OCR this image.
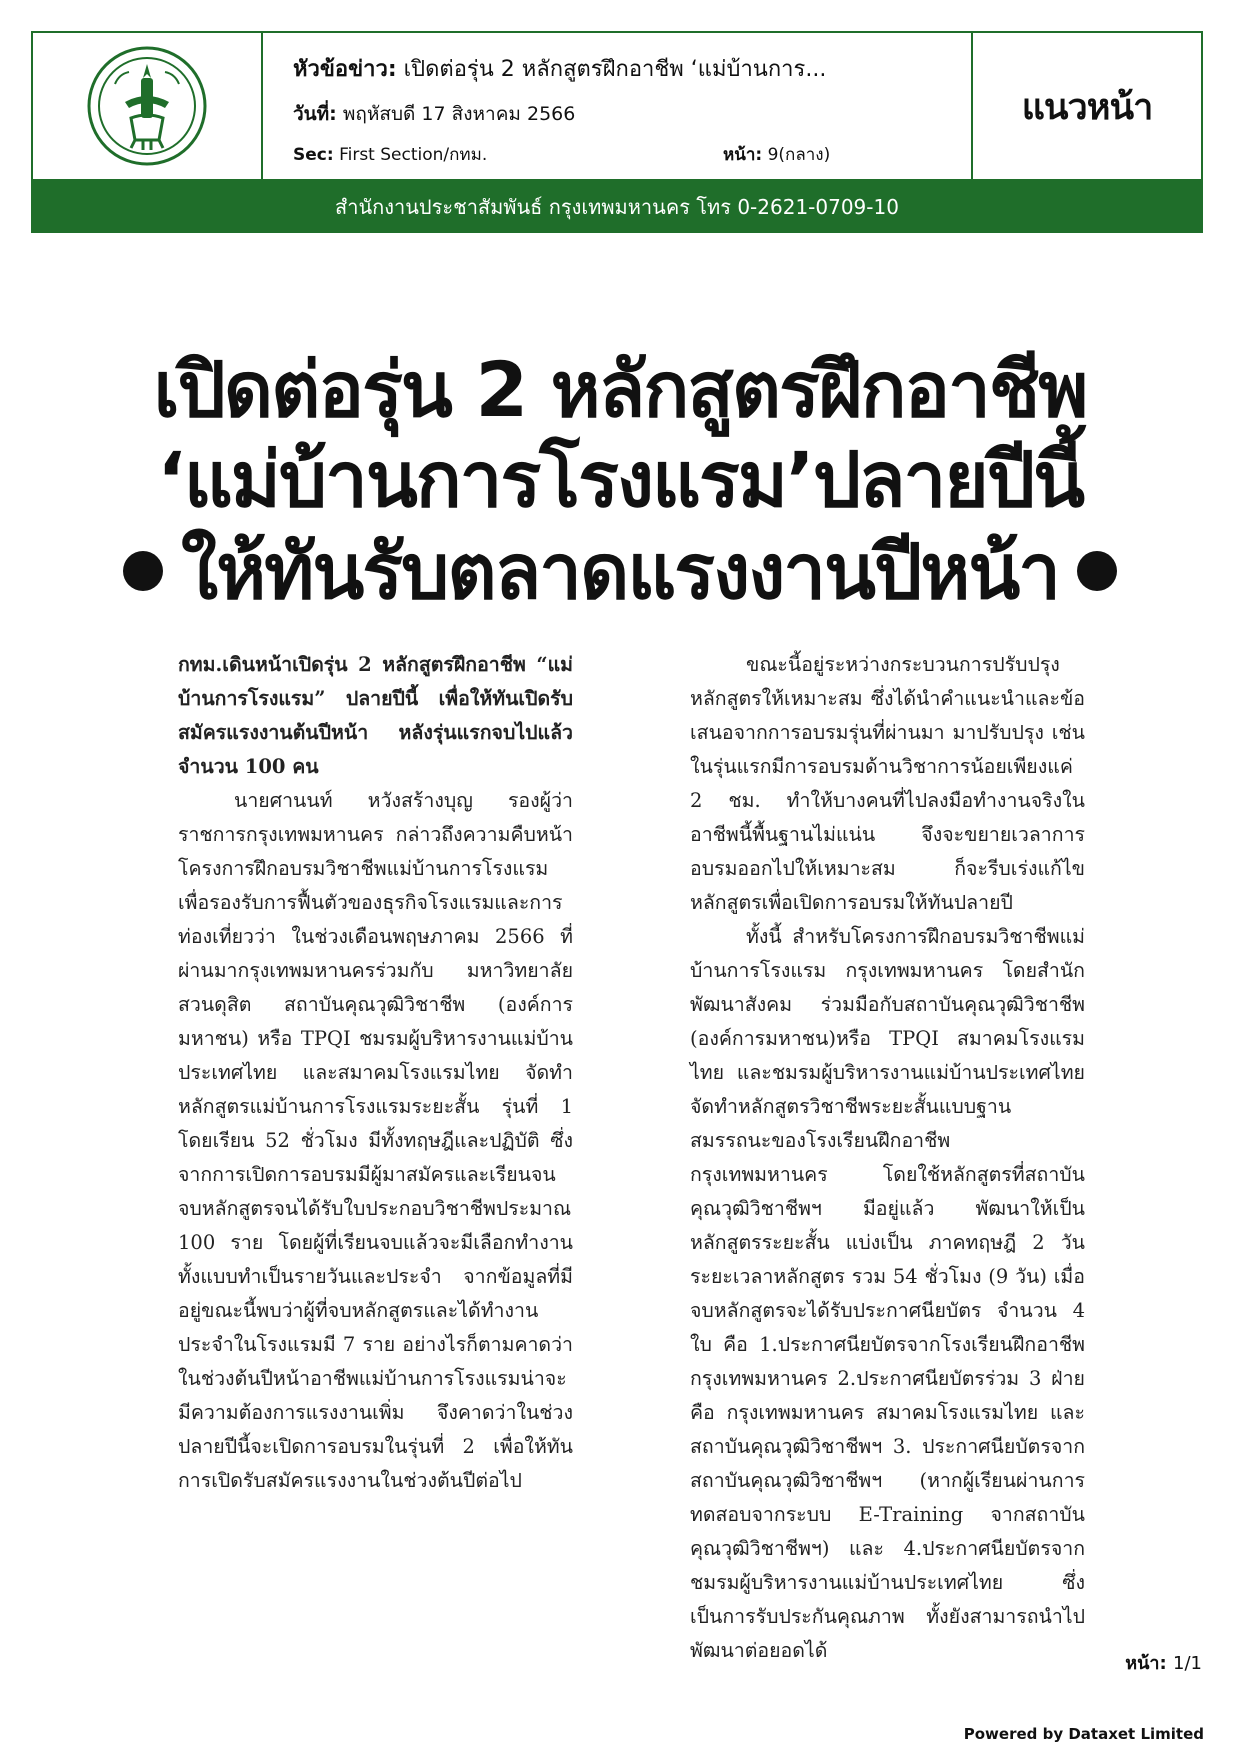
หัวข้อข่าว: เปิดต่อรุ่น 2 หลักสูตรฝึกอาชีพ ‘แม่บ้านการ...
วันที่: พฤหัสบดี 17 สิงหาคม 2566
Sec: First Section/กทม.	หน้า: 9(กลาง)
แนวหน้า
สำนักงานประชาสัมพันธ์ กรุงเทพมหานคร โทร 0-2621-0709-10
เปิดต่อรุ่น 2 หลักสูตรฝึกอาชีพ
‘แม่บ้านการโรงแรม’ปลายปีนี้
ให้ทันรับตลาดแรงงานปีหน้า

กทม.เดินหน้าเปิดรุ่น 2 หลักสูตรฝึกอาชีพ “แม่บ้านการโรงแรม” ปลายปีนี้ เพื่อให้ทันเปิดรับสมัครแรงงานต้นปีหน้า หลังรุ่นแรกจบไปแล้ว จำนวน 100 คน

นายศานนท์ หวังสร้างบุญ รองผู้ว่าราชการกรุงเทพมหานคร กล่าวถึงความคืบหน้าโครงการฝึกอบรมวิชาชีพแม่บ้านการโรงแรม เพื่อรองรับการฟื้นตัวของธุรกิจโรงแรมและการท่องเที่ยวว่า ในช่วงเดือนพฤษภาคม 2566 ที่ผ่านมากรุงเทพมหานครร่วมกับ มหาวิทยาลัยสวนดุสิต สถาบันคุณวุฒิวิชาชีพ (องค์การมหาชน) หรือ TPQI ชมรมผู้บริหารงานแม่บ้านประเทศไทย และสมาคมโรงแรมไทย จัดทำหลักสูตรแม่บ้านการโรงแรมระยะสั้น รุ่นที่ 1 โดยเรียน 52 ชั่วโมง มีทั้งทฤษฎีและปฏิบัติ ซึ่งจากการเปิดการอบรมมีผู้มาสมัครและเรียนจนจบหลักสูตรจนได้รับใบประกอบวิชาชีพประมาณ 100 ราย โดยผู้ที่เรียนจบแล้วจะมีเลือกทำงานทั้งแบบทำเป็นรายวันและประจำ จากข้อมูลที่มีอยู่ขณะนี้พบว่าผู้ที่จบหลักสูตรและได้ทำงานประจำในโรงแรมมี 7 ราย อย่างไรก็ตามคาดว่าในช่วงต้นปีหน้าอาชีพแม่บ้านการโรงแรมน่าจะมีความต้องการแรงงานเพิ่ม จึงคาดว่าในช่วงปลายปีนี้จะเปิดการอบรมในรุ่นที่ 2 เพื่อให้ทันการเปิดรับสมัครแรงงานในช่วงต้นปีต่อไป

ขณะนี้อยู่ระหว่างกระบวนการปรับปรุงหลักสูตรให้เหมาะสม ซึ่งได้นำคำแนะนำและข้อเสนอจากการอบรมรุ่นที่ผ่านมา มาปรับปรุง เช่น ในรุ่นแรกมีการอบรมด้านวิชาการน้อยเพียงแค่ 2 ชม. ทำให้บางคนที่ไปลงมือทำงานจริงในอาชีพนี้พื้นฐานไม่แน่น จึงจะขยายเวลาการอบรมออกไปให้เหมาะสม ก็จะรีบเร่งแก้ไขหลักสูตรเพื่อเปิดการอบรมให้ทันปลายปี

ทั้งนี้ สำหรับโครงการฝึกอบรมวิชาชีพแม่บ้านการโรงแรม กรุงเทพมหานคร โดยสำนักพัฒนาสังคม ร่วมมือกับสถาบันคุณวุฒิวิชาชีพ (องค์การมหาชน)หรือ TPQI สมาคมโรงแรมไทย และชมรมผู้บริหารงานแม่บ้านประเทศไทย จัดทำหลักสูตรวิชาชีพระยะสั้นแบบฐานสมรรถนะของโรงเรียนฝึกอาชีพกรุงเทพมหานคร โดยใช้หลักสูตรที่สถาบันคุณวุฒิวิชาชีพฯ มีอยู่แล้ว พัฒนาให้เป็นหลักสูตรระยะสั้น แบ่งเป็น ภาคทฤษฎี 2 วัน ระยะเวลาหลักสูตร รวม 54 ชั่วโมง (9 วัน) เมื่อจบหลักสูตรจะได้รับประกาศนียบัตร จำนวน 4 ใบ คือ 1.ประกาศนียบัตรจากโรงเรียนฝึกอาชีพกรุงเทพมหานคร 2.ประกาศนียบัตรร่วม 3 ฝ่าย คือ กรุงเทพมหานคร สมาคมโรงแรมไทย และสถาบันคุณวุฒิวิชาชีพฯ 3. ประกาศนียบัตรจากสถาบันคุณวุฒิวิชาชีพฯ (หากผู้เรียนผ่านการทดสอบจากระบบ E-Training จากสถาบันคุณวุฒิวิชาชีพฯ) และ 4.ประกาศนียบัตรจากชมรมผู้บริหารงานแม่บ้านประเทศไทย ซึ่งเป็นการรับประกันคุณภาพ ทั้งยังสามารถนำไปพัฒนาต่อยอดได้

หน้า: 1/1
Powered by Dataxet Limited
